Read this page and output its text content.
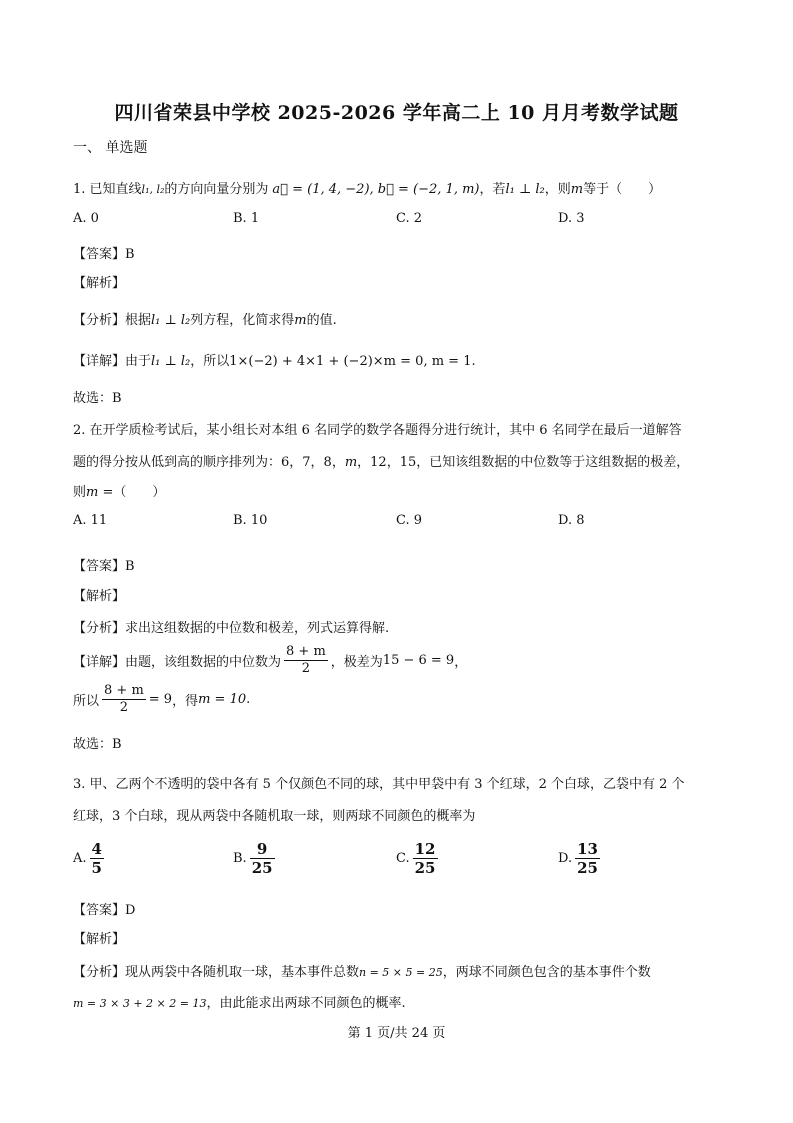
四川省荣县中学校 2025-2026 学年高二上 10 月月考数学试题
一、 单选题
1. 已知直线l₁, l₂的方向向量分别为 a⃗ = (1, 4, −2), b⃗ = (−2, 1, m)，若l₁ ⊥ l₂，则m等于（　　）
A. 0	B. 1	C. 2	D. 3
【答案】B
【解析】
【分析】根据l₁ ⊥ l₂列方程，化简求得m的值.
【详解】由于l₁ ⊥ l₂，所以1×(−2) + 4×1 + (−2)×m = 0, m = 1.
故选：B
2. 在开学质检考试后，某小组长对本组 6 名同学的数学各题得分进行统计，其中 6 名同学在最后一道解答
题的得分按从低到高的顺序排列为：6，7，8，m，12，15，已知该组数据的中位数等于这组数据的极差，
则m =（　　）
A. 11	B. 10	C. 9	D. 8
【答案】B
【解析】
【分析】求出这组数据的中位数和极差，列式运算得解.
【详解】由题，该组数据的中位数为 $\frac{8 + m}{2}$ ，极差为15 − 6 = 9，
所以 $\frac{8 + m}{2} = 9$，得m = 10.
故选：B
3. 甲、乙两个不透明的袋中各有 5 个仅颜色不同的球，其中甲袋中有 3 个红球，2 个白球，乙袋中有 2 个
红球，3 个白球，现从两袋中各随机取一球，则两球不同颜色的概率为
A. $\frac{4}{5}$	B. $\frac{9}{25}$	C. $\frac{12}{25}$	D. $\frac{13}{25}$
【答案】D
【解析】
【分析】现从两袋中各随机取一球，基本事件总数n = 5 × 5 = 25，两球不同颜色包含的基本事件个数
m = 3 × 3 + 2 × 2 = 13，由此能求出两球不同颜色的概率.
第 1 页/共 24 页
